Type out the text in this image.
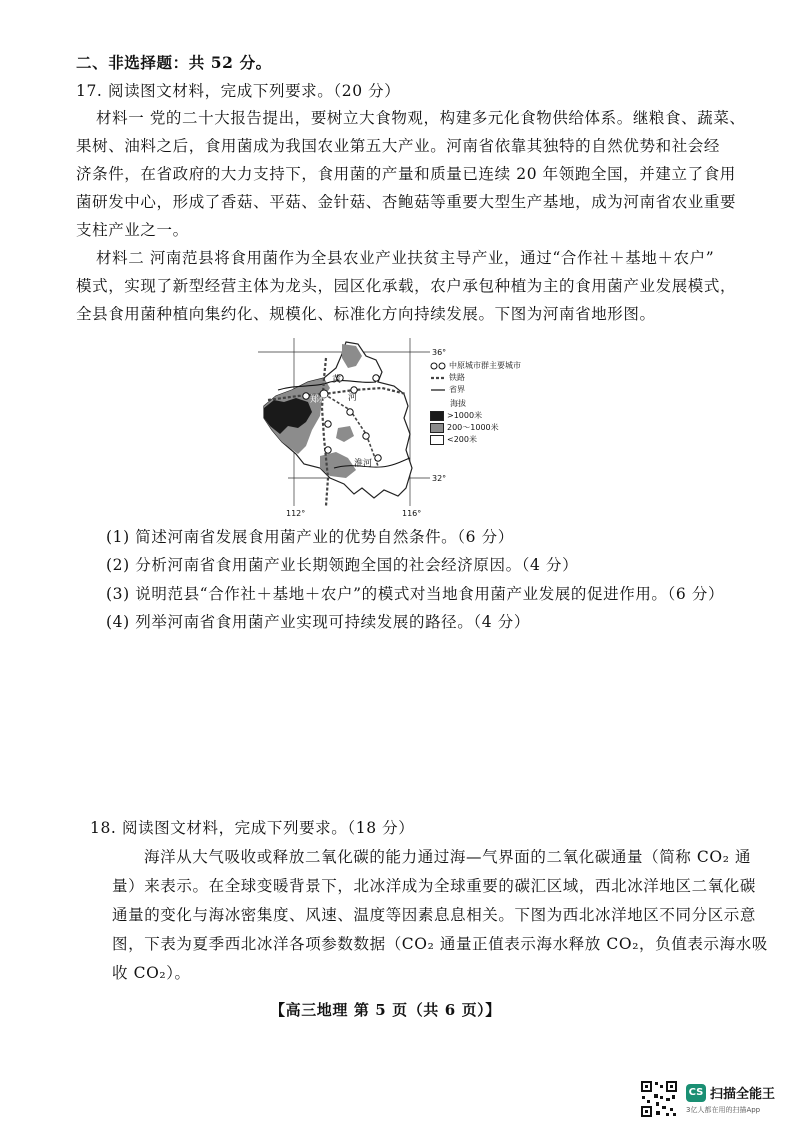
二、非选择题：共 52 分。
17. 阅读图文材料，完成下列要求。（20 分）
材料一 党的二十大报告提出，要树立大食物观，构建多元化食物供给体系。继粮食、蔬菜、
果树、油料之后，食用菌成为我国农业第五大产业。河南省依靠其独特的自然优势和社会经
济条件，在省政府的大力支持下，食用菌的产量和质量已连续 20 年领跑全国，并建立了食用
菌研发中心，形成了香菇、平菇、金针菇、杏鲍菇等重要大型生产基地，成为河南省农业重要
支柱产业之一。
材料二 河南范县将食用菌作为全县农业产业扶贫主导产业，通过“合作社＋基地＋农户”
模式，实现了新型经营主体为龙头，园区化承载，农户承包种植为主的食用菌产业发展模式，
全县食用菌种植向集约化、规模化、标准化方向持续发展。下图为河南省地形图。
黄
郑州 河
淮河
36°
32°
112°	116°
中原城市群主要城市
铁路
省界
海拔
>1000米
200～1000米
<200米
(1) 简述河南省发展食用菌产业的优势自然条件。（6 分）
(2) 分析河南省食用菌产业长期领跑全国的社会经济原因。（4 分）
(3) 说明范县“合作社＋基地＋农户”的模式对当地食用菌产业发展的促进作用。（6 分）
(4) 列举河南省食用菌产业实现可持续发展的路径。（4 分）
18. 阅读图文材料，完成下列要求。（18 分）
海洋从大气吸收或释放二氧化碳的能力通过海—气界面的二氧化碳通量（简称 CO₂ 通
量）来表示。在全球变暖背景下，北冰洋成为全球重要的碳汇区域，西北冰洋地区二氧化碳
通量的变化与海冰密集度、风速、温度等因素息息相关。下图为西北冰洋地区不同分区示意
图，下表为夏季西北冰洋各项参数数据（CO₂ 通量正值表示海水释放 CO₂，负值表示海水吸
收 CO₂）。
【高三地理 第 5 页（共 6 页）】
CS 扫描全能王
3亿人都在用的扫描App
